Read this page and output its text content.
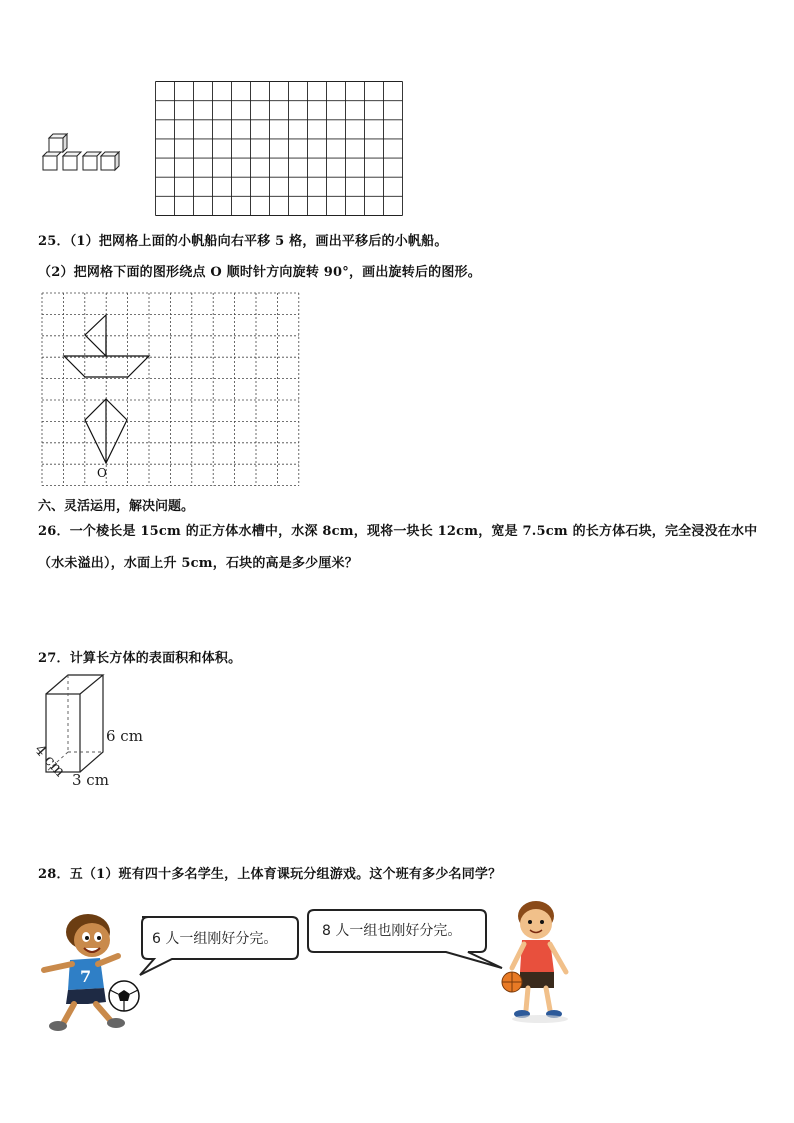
25．（1）把网格上面的小帆船向右平移 5 格，画出平移后的小帆船。
（2）把网格下面的图形绕点 O 顺时针方向旋转 90°，画出旋转后的图形。
O
六、灵活运用，解决问题。
26．一个棱长是 15cm 的正方体水槽中，水深 8cm，现将一块长 12cm，宽是 7.5cm 的长方体石块，完全浸没在水中
（水未溢出），水面上升 5cm，石块的高是多少厘米？
27．计算长方体的表面积和体积。
6 cm
3 cm
4 cm
28．五（1）班有四十多名学生，上体育课玩分组游戏。这个班有多少名同学？
7
6 人一组刚好分完。	8 人一组也刚好分完。
